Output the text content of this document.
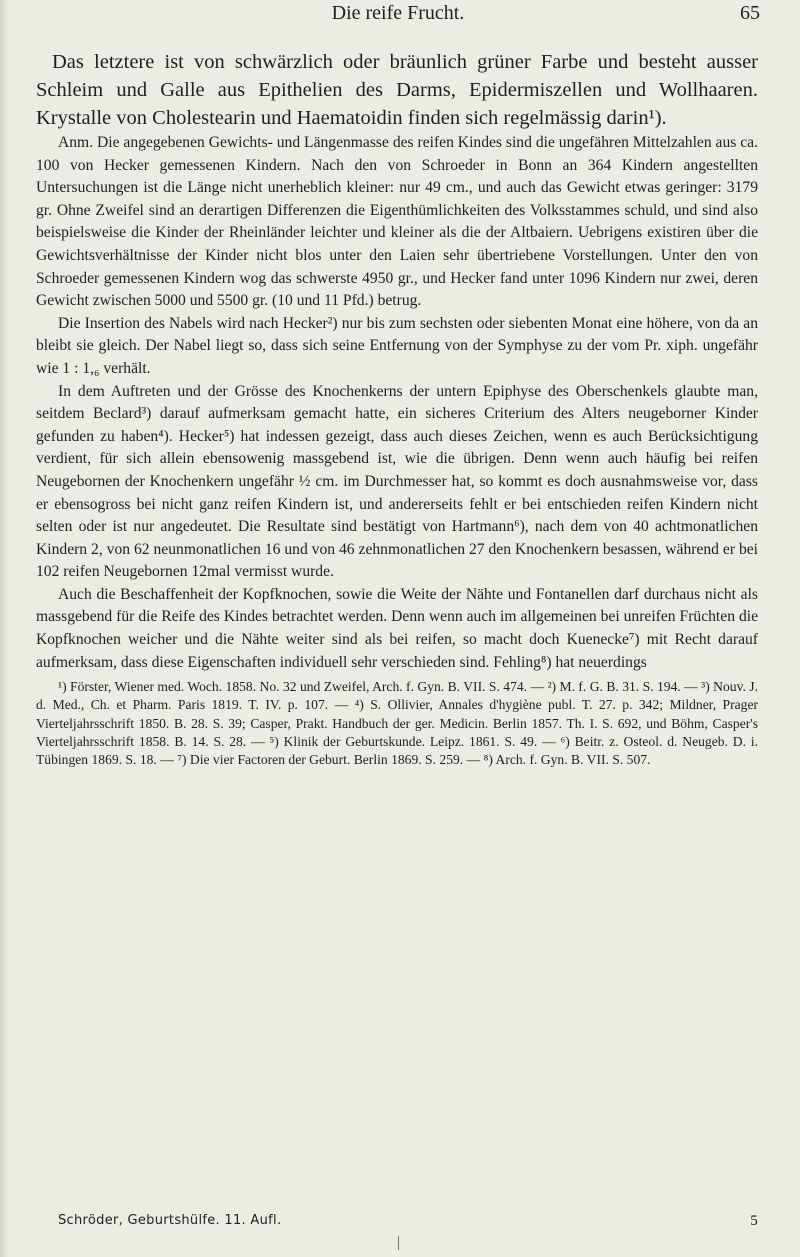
Die reife Frucht.	65

Das letztere ist von schwärzlich oder bräunlich grüner Farbe und besteht ausser Schleim und Galle aus Epithelien des Darms, Epidermiszellen und Wollhaaren. Krystalle von Cholestearin und Haematoidin finden sich regelmässig darin¹).

Anm. Die angegebenen Gewichts- und Längenmasse des reifen Kindes sind die ungefähren Mittelzahlen aus ca. 100 von Hecker gemessenen Kindern. Nach den von Schroeder in Bonn an 364 Kindern angestellten Untersuchungen ist die Länge nicht unerheblich kleiner: nur 49 cm., und auch das Gewicht etwas geringer: 3179 gr. Ohne Zweifel sind an derartigen Differenzen die Eigenthümlichkeiten des Volksstammes schuld, und sind also beispielsweise die Kinder der Rheinländer leichter und kleiner als die der Altbaiern. Uebrigens existiren über die Gewichtsverhältnisse der Kinder nicht blos unter den Laien sehr übertriebene Vorstellungen. Unter den von Schroeder gemessenen Kindern wog das schwerste 4950 gr., und Hecker fand unter 1096 Kindern nur zwei, deren Gewicht zwischen 5000 und 5500 gr. (10 und 11 Pfd.) betrug.

Die Insertion des Nabels wird nach Hecker²) nur bis zum sechsten oder siebenten Monat eine höhere, von da an bleibt sie gleich. Der Nabel liegt so, dass sich seine Entfernung von der Symphyse zu der vom Pr. xiph. ungefähr wie 1 : 1,₆ verhält.

In dem Auftreten und der Grösse des Knochenkerns der untern Epiphyse des Oberschenkels glaubte man, seitdem Beclard³) darauf aufmerksam gemacht hatte, ein sicheres Criterium des Alters neugeborner Kinder gefunden zu haben⁴). Hecker⁵) hat indessen gezeigt, dass auch dieses Zeichen, wenn es auch Berücksichtigung verdient, für sich allein ebensowenig massgebend ist, wie die übrigen. Denn wenn auch häufig bei reifen Neugebornen der Knochenkern ungefähr ½ cm. im Durchmesser hat, so kommt es doch ausnahmsweise vor, dass er ebensogross bei nicht ganz reifen Kindern ist, und andererseits fehlt er bei entschieden reifen Kindern nicht selten oder ist nur angedeutet. Die Resultate sind bestätigt von Hartmann⁶), nach dem von 40 achtmonatlichen Kindern 2, von 62 neunmonatlichen 16 und von 46 zehnmonatlichen 27 den Knochenkern besassen, während er bei 102 reifen Neugebornen 12mal vermisst wurde.

Auch die Beschaffenheit der Kopfknochen, sowie die Weite der Nähte und Fontanellen darf durchaus nicht als massgebend für die Reife des Kindes betrachtet werden. Denn wenn auch im allgemeinen bei unreifen Früchten die Kopfknochen weicher und die Nähte weiter sind als bei reifen, so macht doch Kuenecke⁷) mit Recht darauf aufmerksam, dass diese Eigenschaften individuell sehr verschieden sind. Fehling⁸) hat neuerdings

¹) Förster, Wiener med. Woch. 1858. No. 32 und Zweifel, Arch. f. Gyn. B. VII. S. 474. — ²) M. f. G. B. 31. S. 194. — ³) Nouv. J. d. Med., Ch. et Pharm. Paris 1819. T. IV. p. 107. — ⁴) S. Ollivier, Annales d'hygiène publ. T. 27. p. 342; Mildner, Prager Vierteljahrsschrift 1850. B. 28. S. 39; Casper, Prakt. Handbuch der ger. Medicin. Berlin 1857. Th. I. S. 692, und Böhm, Casper's Vierteljahrsschrift 1858. B. 14. S. 28. — ⁵) Klinik der Geburtskunde. Leipz. 1861. S. 49. — ⁶) Beitr. z. Osteol. d. Neugeb. D. i. Tübingen 1869. S. 18. — ⁷) Die vier Factoren der Geburt. Berlin 1869. S. 259. — ⁸) Arch. f. Gyn. B. VII. S. 507.

Schröder, Geburtshülfe. 11. Aufl.	5
